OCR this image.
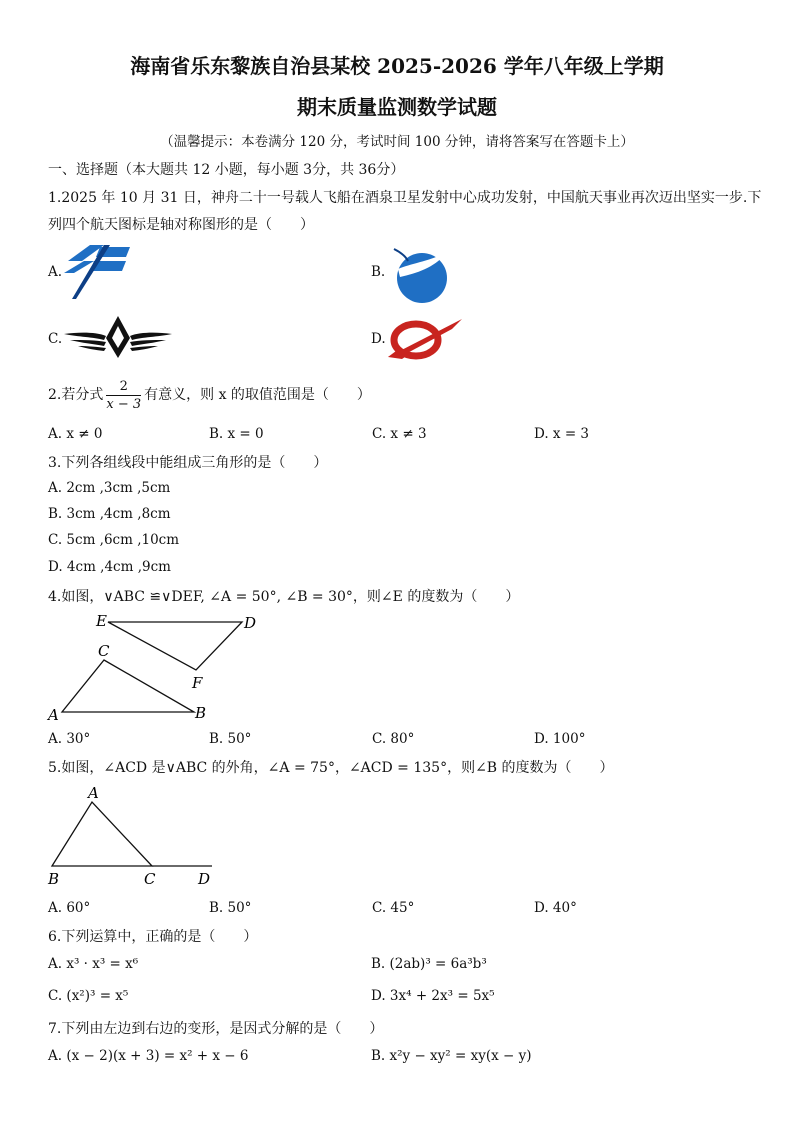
海南省乐东黎族自治县某校 2025-2026 学年八年级上学期
期末质量监测数学试题
（温馨提示：本卷满分 120 分，考试时间 100 分钟，请将答案写在答题卡上）
一、选择题（本大题共 12 小题，每小题 3分，共 36分）
1.2025 年 10 月 31 日，神舟二十一号载人飞船在酒泉卫星发射中心成功发射，中国航天事业再次迈出坚实一步.下
列四个航天图标是轴对称图形的是（　　）
A.	B.
C.	D.
2.若分式 $\frac{2}{x - 3}$ 有意义，则 x 的取值范围是（　　）
A. x ≠ 0	B. x = 0	C. x ≠ 3	D. x = 3
3.下列各组线段中能组成三角形的是（　　）
A. 2cm ,3cm ,5cm
B. 3cm ,4cm ,8cm
C. 5cm ,6cm ,10cm
D. 4cm ,4cm ,9cm
4.如图，∨ABC ≌∨DEF, ∠A = 50°, ∠B = 30°，则∠E 的度数为（　　）
E	D
C
F
A	B
A. 30°	B. 50°	C. 80°	D. 100°
5.如图，∠ACD 是∨ABC 的外角，∠A = 75°，∠ACD = 135°，则∠B 的度数为（　　）
A
B	C	D
A. 60°	B. 50°	C. 45°	D. 40°
6.下列运算中，正确的是（　　）
A. x³ · x³ = x⁶	B. (2ab)³ = 6a³b³
C. (x²)³ = x⁵	D. 3x⁴ + 2x³ = 5x⁵
7.下列由左边到右边的变形，是因式分解的是（　　）
A. (x − 2)(x + 3) = x² + x − 6	B. x²y − xy² = xy(x − y)
